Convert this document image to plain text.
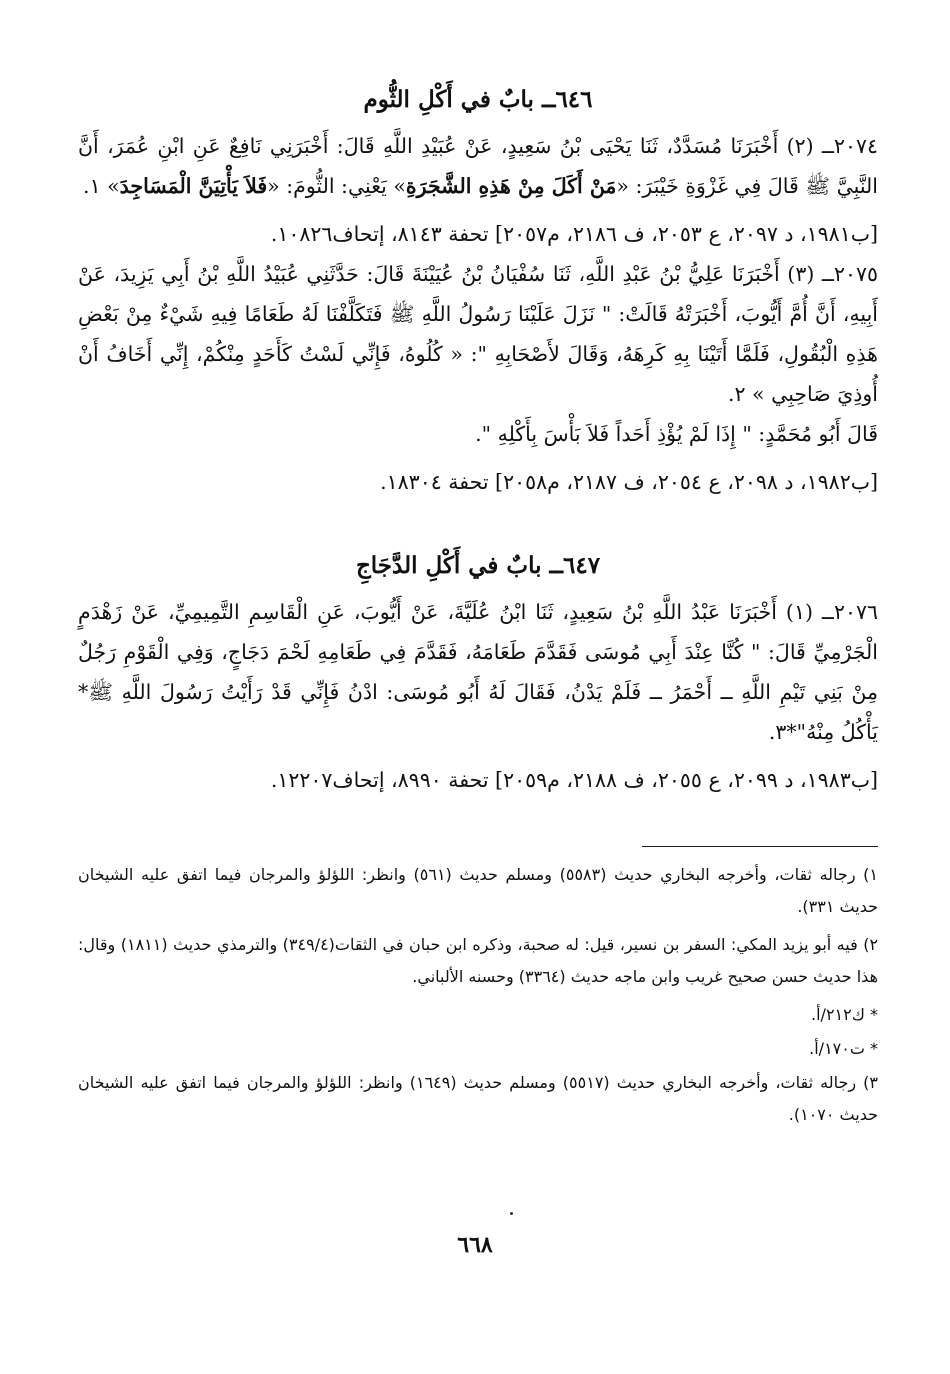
٦٤٦ــ بابٌ في أَكْلِ الثُّوم

٢٠٧٤ــ (٢) أَخْبَرَنَا مُسَدَّدٌ، ثَنَا يَحْيَى بْنُ سَعِيدٍ، عَنْ عُبَيْدِ اللَّهِ قَالَ: أَخْبَرَنِي نَافِعٌ عَنِ ابْنِ عُمَرَ، أَنَّ النَّبِيَّ ﷺ قَالَ فِي غَزْوَةِ خَيْبَرَ: «مَنْ أَكَلَ مِنْ هَذِهِ الشَّجَرَةِ» يَعْنِي: الثُّومَ: «فَلاَ يَأْتِيَنَّ الْمَسَاجِدَ» ١.

[ب١٩٨١، د ٢٠٩٧، ع ٢٠٥٣، ف ٢١٨٦، م٢٠٥٧] تحفة ٨١٤٣، إتحاف١٠٨٢٦.

٢٠٧٥ــ (٣) أَخْبَرَنَا عَلِيُّ بْنُ عَبْدِ اللَّهِ، ثَنَا سُفْيَانُ بْنُ عُيَيْنَةَ قَالَ: حَدَّثَنِي عُبَيْدُ اللَّهِ بْنُ أَبِي يَزِيدَ، عَنْ أَبِيهِ، أَنَّ أُمَّ أَيُّوبَ، أَخْبَرَتْهُ قَالَتْ: " نَزَلَ عَلَيْنَا رَسُولُ اللَّهِ ﷺ فَتَكَلَّفْنَا لَهُ طَعَامًا فِيهِ شَيْءٌ مِنْ بَعْضِ هَذِهِ الْبُقُولِ، فَلَمَّا أَتَيْنَا بِهِ كَرِهَهُ، وَقَالَ لأَصْحَابِهِ ": « كُلُوهُ، فَإِنِّي لَسْتُ كَأَحَدٍ مِنْكُمْ، إِنِّي أَخَافُ أَنْ أُوذِيَ صَاحِبِي » ٢.

قَالَ أَبُو مُحَمَّدٍ: " إِذَا لَمْ يُؤْذِ أَحَداً فَلاَ بَأْسَ بِأَكْلِهِ ".

[ب١٩٨٢، د ٢٠٩٨، ع ٢٠٥٤، ف ٢١٨٧، م٢٠٥٨] تحفة ١٨٣٠٤.

٦٤٧ــ بابٌ في أَكْلِ الدَّجَاجِ

٢٠٧٦ــ (١) أَخْبَرَنَا عَبْدُ اللَّهِ بْنُ سَعِيدٍ، ثَنَا ابْنُ عُلَيَّةَ، عَنْ أَيُّوبَ، عَنِ الْقَاسِمِ التَّمِيمِيِّ، عَنْ زَهْدَمٍ الْجَرْمِيِّ قَالَ: " كُنَّا عِنْدَ أَبِي مُوسَى فَقَدَّمَ طَعَامَهُ، فَقَدَّمَ فِي طَعَامِهِ لَحْمَ دَجَاجٍ، وَفِي الْقَوْمِ رَجُلٌ مِنْ بَنِي تَيْمِ اللَّهِ ــ أَحْمَرُ ــ فَلَمْ يَدْنُ، فَقَالَ لَهُ أَبُو مُوسَى: ادْنُ فَإِنِّي قَدْ رَأَيْتُ رَسُولَ اللَّهِ ﷺ* يَأْكُلُ مِنْهُ"*٣.

[ب١٩٨٣، د ٢٠٩٩، ع ٢٠٥٥، ف ٢١٨٨، م٢٠٥٩] تحفة ٨٩٩٠، إتحاف١٢٢٠٧.

١) رجاله ثقات، وأخرجه البخاري حديث (٥٥٨٣) ومسلم حديث (٥٦١) وانظر: اللؤلؤ والمرجان فيما اتفق عليه الشيخان حديث ٣٣١).

٢) فيه أبو يزيد المكي: السفر بن نسير، قيل: له صحبة، وذكره ابن حبان في الثقات(٣٤٩/٤) والترمذي حديث (١٨١١) وقال: هذا حديث حسن صحيح غريب وابن ماجه حديث (٣٣٦٤) وحسنه الألباني.

* ك٢١٢/أ.

* ت١٧٠/أ.

٣) رجاله ثقات، وأخرجه البخاري حديث (٥٥١٧) ومسلم حديث (١٦٤٩) وانظر: اللؤلؤ والمرجان فيما اتفق عليه الشيخان حديث ١٠٧٠).

٦٦٨
